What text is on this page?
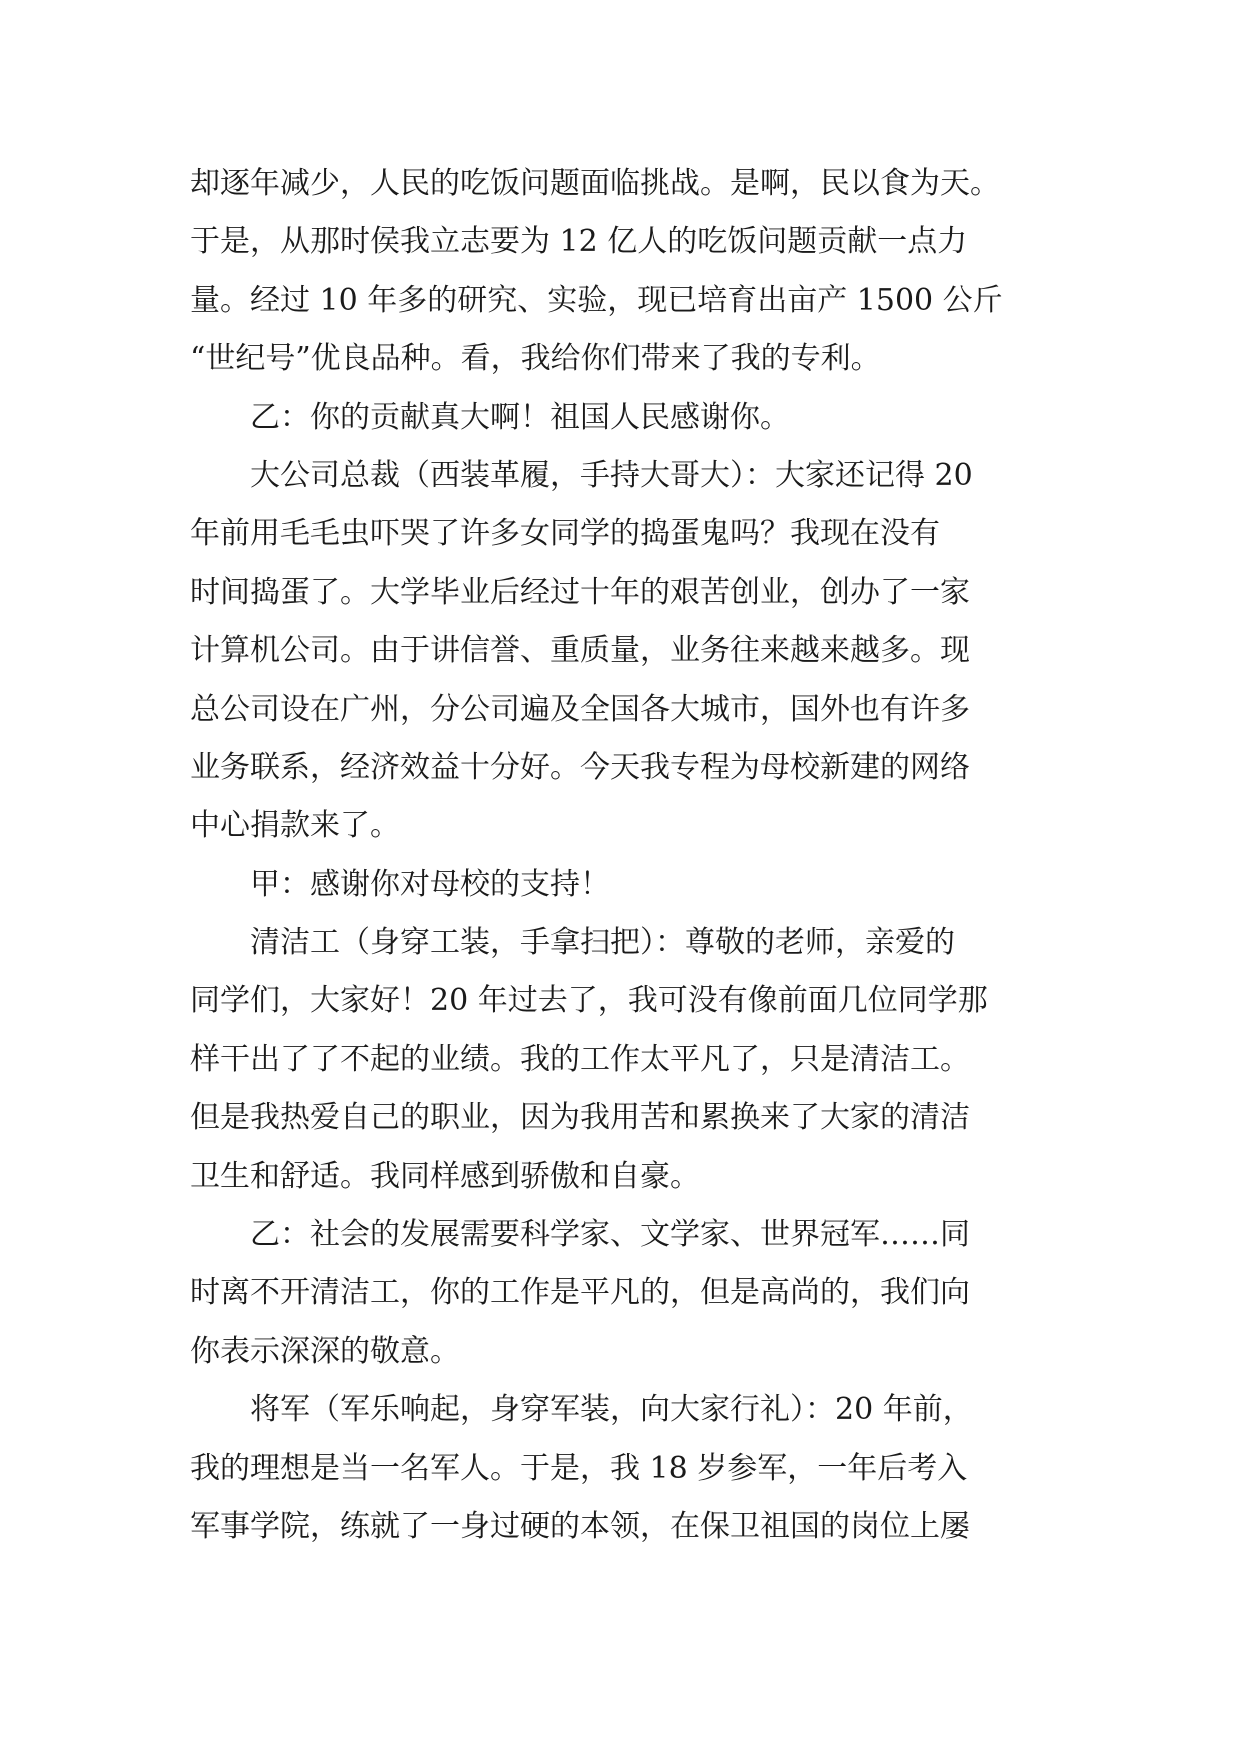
却逐年减少，人民的吃饭问题面临挑战。是啊，民以食为天。
于是，从那时侯我立志要为 12 亿人的吃饭问题贡献一点力
量。经过 10 年多的研究、实验，现已培育出亩产 1500 公斤
“世纪号”优良品种。看，我给你们带来了我的专利。
乙：你的贡献真大啊！祖国人民感谢你。
大公司总裁（西装革履，手持大哥大）：大家还记得 20
年前用毛毛虫吓哭了许多女同学的捣蛋鬼吗？我现在没有
时间捣蛋了。大学毕业后经过十年的艰苦创业，创办了一家
计算机公司。由于讲信誉、重质量，业务往来越来越多。现
总公司设在广州，分公司遍及全国各大城市，国外也有许多
业务联系，经济效益十分好。今天我专程为母校新建的网络
中心捐款来了。
甲：感谢你对母校的支持！
清洁工（身穿工装，手拿扫把）：尊敬的老师，亲爱的
同学们，大家好！20 年过去了，我可没有像前面几位同学那
样干出了了不起的业绩。我的工作太平凡了，只是清洁工。
但是我热爱自己的职业，因为我用苦和累换来了大家的清洁
卫生和舒适。我同样感到骄傲和自豪。
乙：社会的发展需要科学家、文学家、世界冠军……同
时离不开清洁工，你的工作是平凡的，但是高尚的，我们向
你表示深深的敬意。
将军（军乐响起，身穿军装，向大家行礼）：20 年前，
我的理想是当一名军人。于是，我 18 岁参军，一年后考入
军事学院，练就了一身过硬的本领，在保卫祖国的岗位上屡
